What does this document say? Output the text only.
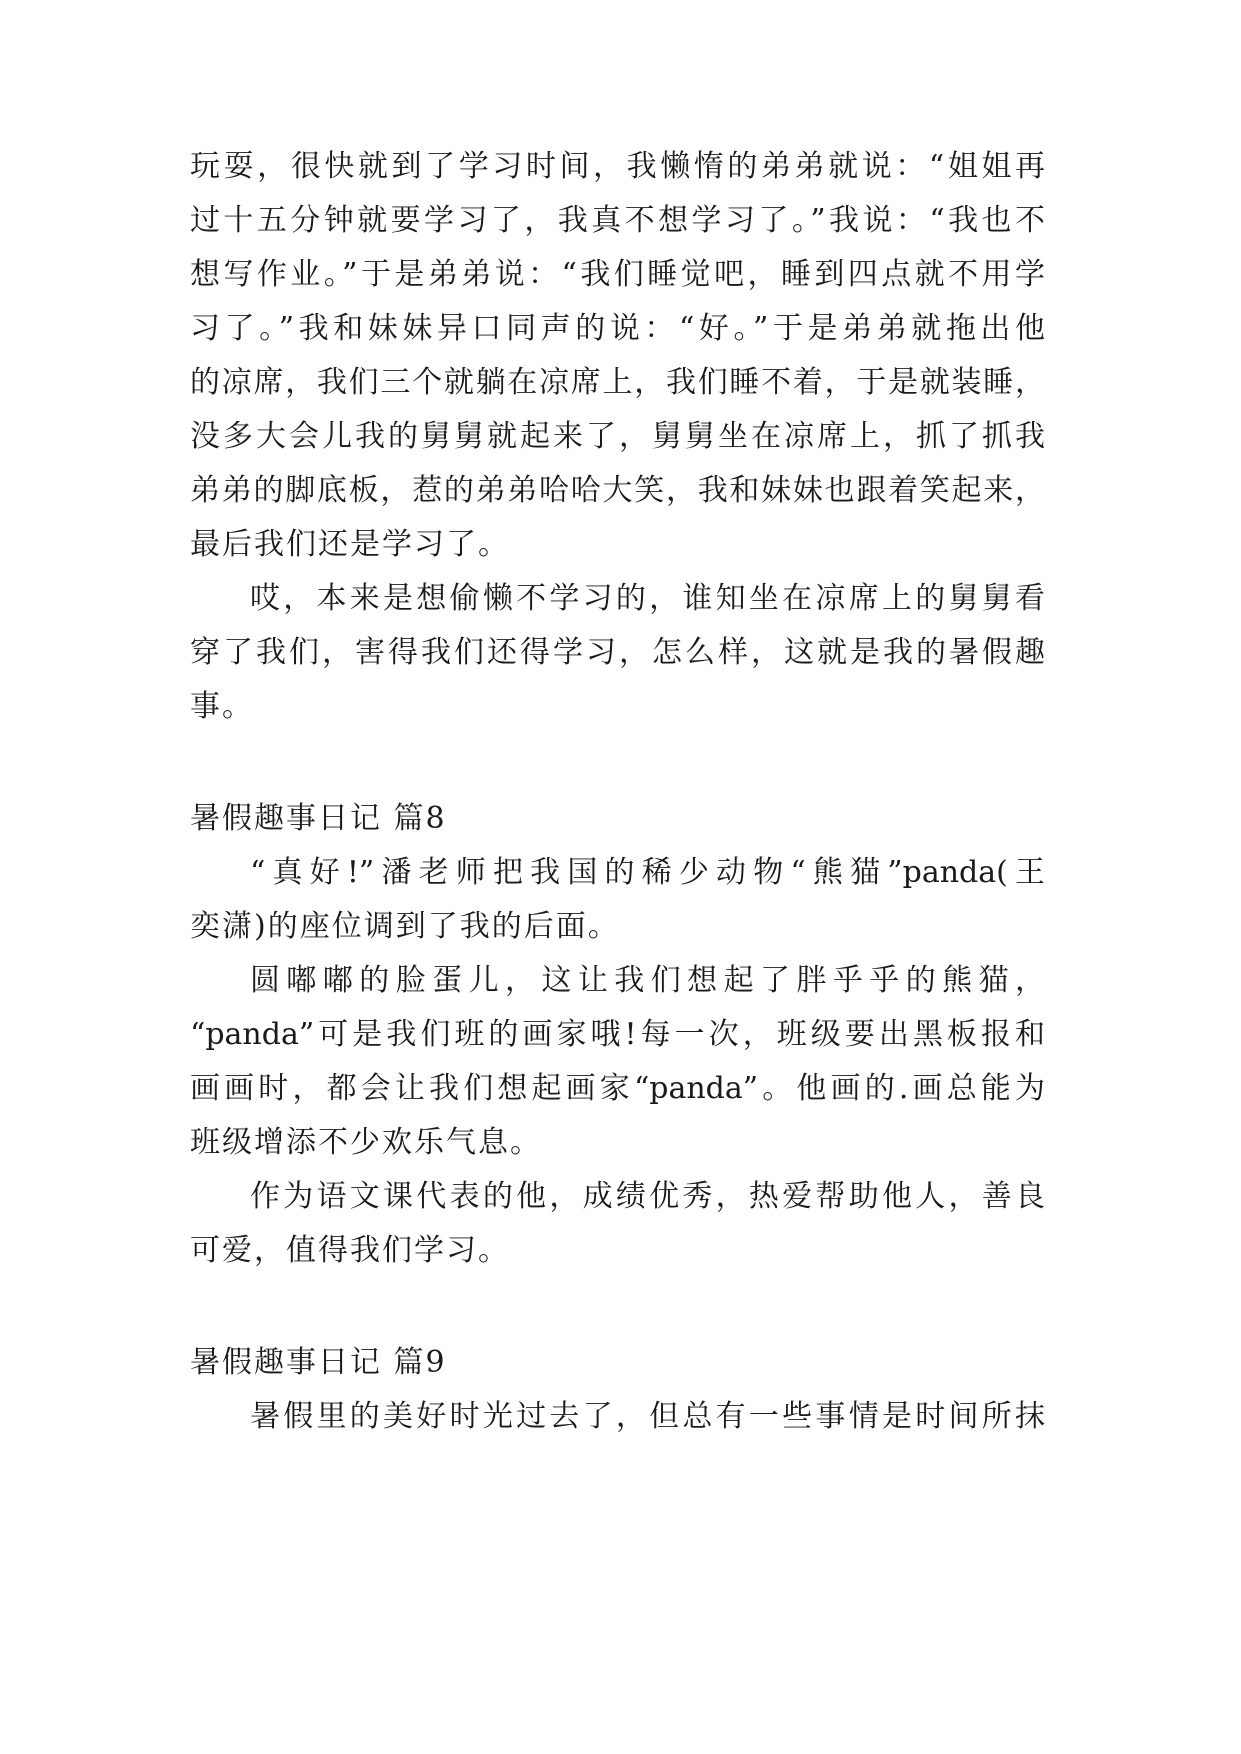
玩耍，很快就到了学习时间，我懒惰的弟弟就说：“姐姐再
过十五分钟就要学习了，我真不想学习了。”我说：“我也不
想写作业。”于是弟弟说：“我们睡觉吧，睡到四点就不用学
习了。”我和妹妹异口同声的说：“好。”于是弟弟就拖出他
的凉席，我们三个就躺在凉席上，我们睡不着，于是就装睡，
没多大会儿我的舅舅就起来了，舅舅坐在凉席上，抓了抓我
弟弟的脚底板，惹的弟弟哈哈大笑，我和妹妹也跟着笑起来，
最后我们还是学习了。
哎，本来是想偷懒不学习的，谁知坐在凉席上的舅舅看
穿了我们，害得我们还得学习，怎么样，这就是我的暑假趣
事。
暑假趣事日记 篇8
“真好!”潘老师把我国的稀少动物“熊猫”panda(王
奕潇)的座位调到了我的后面。
圆嘟嘟的脸蛋儿，这让我们想起了胖乎乎的熊猫，
“panda”可是我们班的画家哦!每一次，班级要出黑板报和
画画时，都会让我们想起画家“panda”。他画的.画总能为
班级增添不少欢乐气息。
作为语文课代表的他，成绩优秀，热爱帮助他人，善良
可爱，值得我们学习。
暑假趣事日记 篇9
暑假里的美好时光过去了，但总有一些事情是时间所抹
